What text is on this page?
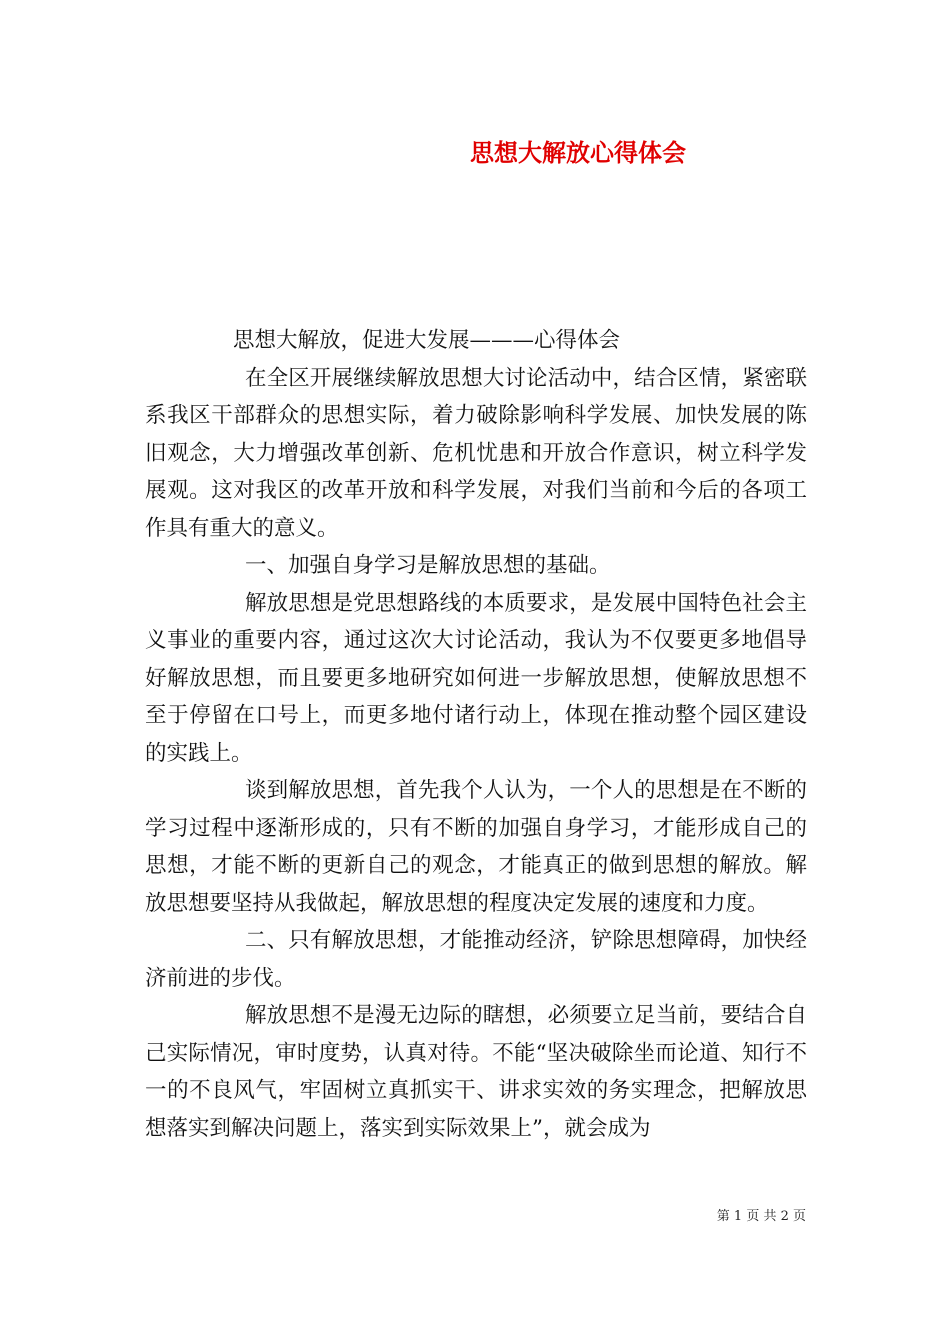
思想大解放心得体会

思想大解放，促进大发展———心得体会

在全区开展继续解放思想大讨论活动中，结合区情，紧密联系我区干部群众的思想实际，着力破除影响科学发展、加快发展的陈旧观念，大力增强改革创新、危机忧患和开放合作意识，树立科学发展观。这对我区的改革开放和科学发展，对我们当前和今后的各项工作具有重大的意义。

一、加强自身学习是解放思想的基础。

解放思想是党思想路线的本质要求，是发展中国特色社会主义事业的重要内容，通过这次大讨论活动，我认为不仅要更多地倡导好解放思想，而且要更多地研究如何进一步解放思想，使解放思想不至于停留在口号上，而更多地付诸行动上，体现在推动整个园区建设的实践上。

谈到解放思想，首先我个人认为，一个人的思想是在不断的学习过程中逐渐形成的，只有不断的加强自身学习，才能形成自己的思想，才能不断的更新自己的观念，才能真正的做到思想的解放。解放思想要坚持从我做起，解放思想的程度决定发展的速度和力度。

二、只有解放思想，才能推动经济，铲除思想障碍，加快经济前进的步伐。

解放思想不是漫无边际的瞎想，必须要立足当前，要结合自己实际情况，审时度势，认真对待。不能“坚决破除坐而论道、知行不一的不良风气，牢固树立真抓实干、讲求实效的务实理念，把解放思想落实到解决问题上，落实到实际效果上”，就会成为

第 1 页 共 2 页
